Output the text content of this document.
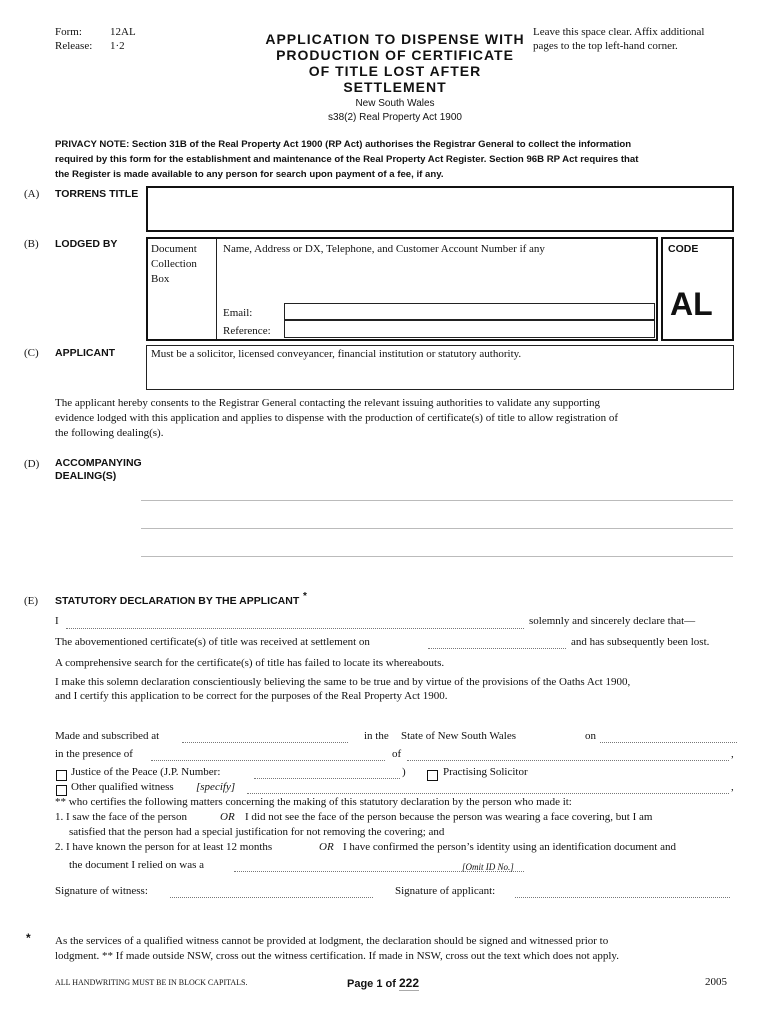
Form:	12AL
Release: 1·2	APPLICATION TO DISPENSE WITH
PRODUCTION OF CERTIFICATE
OF TITLE LOST AFTER
SETTLEMENT
New South Wales
s38(2) Real Property Act 1900
Leave this space clear. Affix additional
pages to the top left-hand corner.
PRIVACY NOTE: Section 31B of the Real Property Act 1900 (RP Act) authorises the Registrar General to collect the information
required by this form for the establishment and maintenance of the Real Property Act Register. Section 96B RP Act requires that
the Register is made available to any person for search upon payment of a fee, if any.
(A) TORRENS TITLE
(B) LODGED BY	Document
Collection
Box
Name, Address or DX, Telephone, and Customer Account Number if any
Email:
Reference:
CODE
AL
(C) APPLICANT	Must be a solicitor, licensed conveyancer, financial institution or statutory authority.
The applicant hereby consents to the Registrar General contacting the relevant issuing authorities to validate any supporting
evidence lodged with this application and applies to dispense with the production of certificate(s) of title to allow registration of
the following dealing(s).
(D) ACCOMPANYING
DEALING(S)
(E) STATUTORY DECLARATION BY THE APPLICANT *
I	solemnly and sincerely declare that—
The abovementioned certificate(s) of title was received at settlement on	and has subsequently been lost.
A comprehensive search for the certificate(s) of title has failed to locate its whereabouts.
I make this solemn declaration conscientiously believing the same to be true and by virtue of the provisions of the Oaths Act 1900,
and I certify this application to be correct for the purposes of the Real Property Act 1900.
Made and subscribed at	in the State of New South Wales	on
in the presence of	of	,
Justice of the Peace (J.P. Number:	)	Practising Solicitor
Other qualified witness [specify]	,
** who certifies the following matters concerning the making of this statutory declaration by the person who made it:
1. I saw the face of the person	OR I did not see the face of the person because the person was wearing a face covering, but I am
satisfied that the person had a special justification for not removing the covering; and
2. I have known the person for at least 12 months	OR I have confirmed the person’s identity using an identification document and
the document I relied on was a	[Omit ID No.]
Signature of witness:	Signature of applicant:
* As the services of a qualified witness cannot be provided at lodgment, the declaration should be signed and witnessed prior to
lodgment. ** If made outside NSW, cross out the witness certification. If made in NSW, cross out the text which does not apply.
ALL HANDWRITING MUST BE IN BLOCK CAPITALS.	Page 1 of 222	2005
